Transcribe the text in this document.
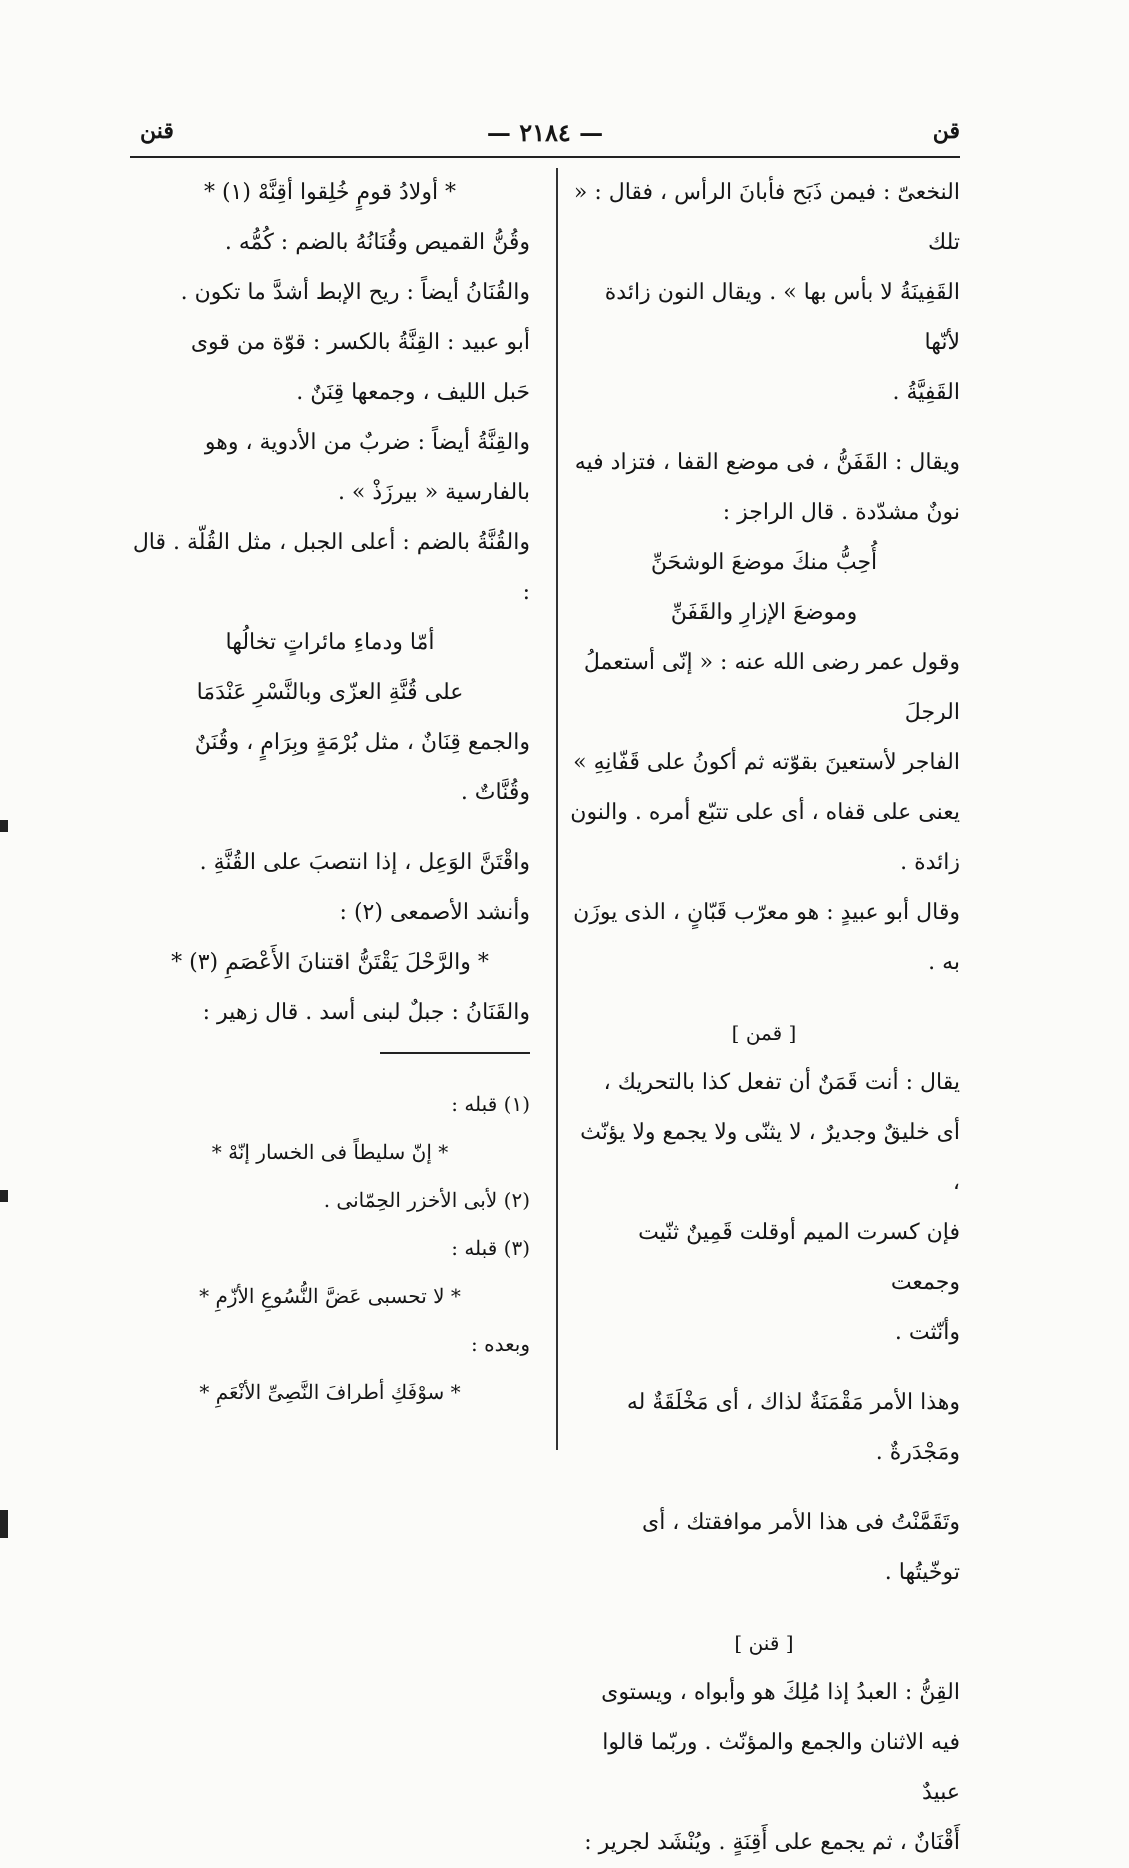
قن
— ٢١٨٤ —
قنن

النخعىّ : فيمن ذَبَح فأبانَ الرأس ، فقال : « تلك

القَفِينَةُ لا بأس بها » . ويقال النون زائدة لأنّها

القَفِيَّةُ .

ويقال : القَفَنُّ ، فى موضع القفا ، فتزاد فيه

نونٌ مشدّدة . قال الراجز :

أُحِبُّ منكَ موضعَ الوشحَنِّ

وموضعَ الإزارِ والقَفَنِّ

وقول عمر رضى الله عنه : « إنّى أستعملُ الرجلَ

الفاجر لأستعينَ بقوّته ثم أكونُ على قَفّانِهِ »

يعنى على قفاه ، أى على تتبّع أمره . والنون زائدة .

وقال أبو عبيدٍ : هو معرّب قَبّانٍ ، الذى يوزَن به .

[ قمن ]

يقال : أنت قَمَنٌ أن تفعل كذا بالتحريك ،

أى خليقٌ وجديرٌ ، لا يثنّى ولا يجمع ولا يؤنّث ،

فإن كسرت الميم أوقلت قَمِينٌ ثنّيت وجمعت

وأنّثت .

وهذا الأمر مَقْمَنَةٌ لذاك ، أى مَخْلَقَةٌ له

ومَجْدَرةٌ .

وتَقَمَّنْتُ فى هذا الأمر موافقتك ، أى

توخّيتُها .

[ قنن ]

القِنُّ : العبدُ إذا مُلِكَ هو وأبواه ، ويستوى

فيه الاثنان والجمع والمؤنّث . وربّما قالوا عبيدٌ

أَقْنَانٌ ، ثم يجمع على أَقِنَةٍ . ويُنْشَد لجرير :

* أولادُ قومٍ خُلِقوا أقِنَّهْ (١) *

وقُنُّ القميص وقُنَانُهُ بالضم : كُمُّه .

والقُنَانُ أيضاً : ريح الإبط أشدَّ ما تكون .

أبو عبيد : القِنَّةُ بالكسر : قوّة من قوى

حَبل الليف ، وجمعها قِنَنٌ .

والقِنَّةُ أيضاً : ضربٌ من الأدوية ، وهو

بالفارسية « بيرزَذْ » .

والقُنَّةُ بالضم : أعلى الجبل ، مثل القُلّة . قال :

أمّا ودماءِ مائراتٍ تخالُها

على قُنَّةِ العزّى وبالنَّسْرِ عَنْدَمَا

والجمع قِنَانٌ ، مثل بُرْمَةٍ وبِرَامٍ ، وقُنَنٌ

وقُنَّاتٌ .

واقْتَنَّ الوَعِل ، إذا انتصبَ على القُنَّةِ .

وأنشد الأصمعى (٢) :

* والرَّحْلَ يَقْتَنُّ اقتنانَ الأَعْصَمِ (٣) *

والقَنَانُ : جبلٌ لبنى أسد . قال زهير :

(١) قبله :

* إنّ سليطاً فى الخسار إنّهْ *

(٢) لأبى الأخزر الحِمّانى .

(٣) قبله :

* لا تحسبى عَضَّ النُّسُوعِ الأزّمِ *

وبعده :

* سوْفَكِ أطرافَ النَّصِىِّ الأنْعَمِ *
